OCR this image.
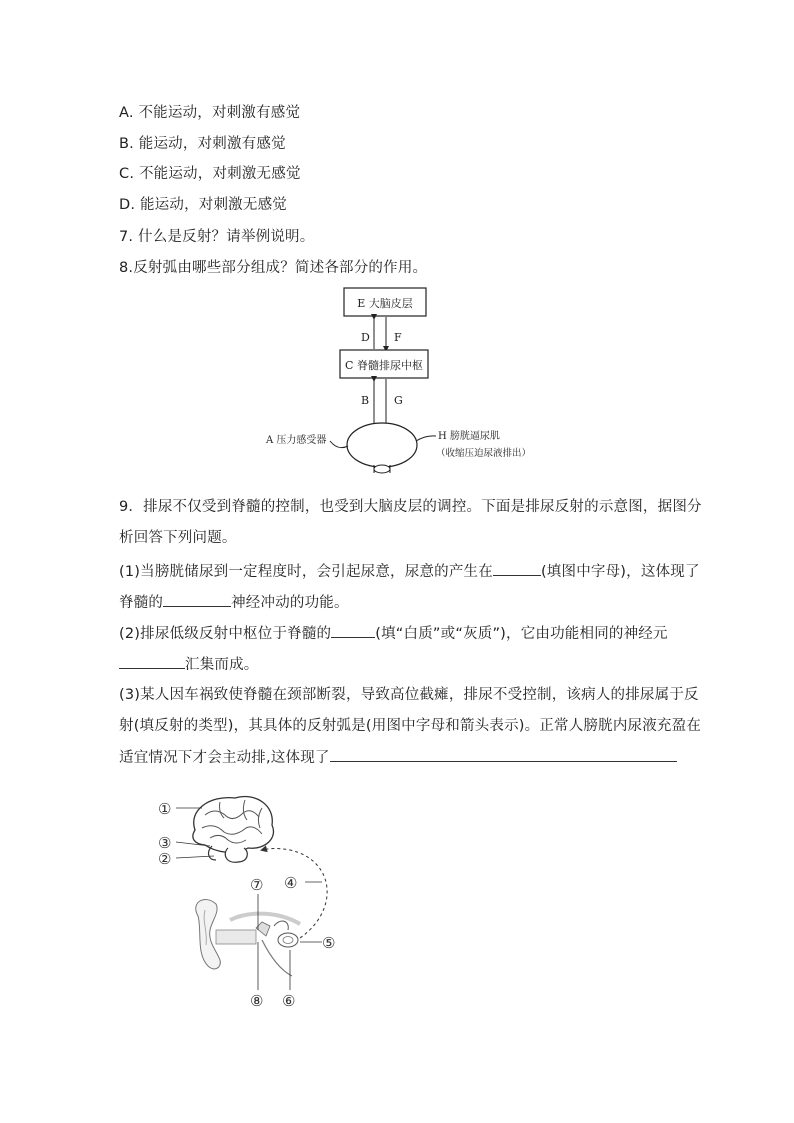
A. 不能运动，对刺激有感觉
B. 能运动，对刺激有感觉
C. 不能运动，对刺激无感觉
D. 能运动，对刺激无感觉
7. 什么是反射？请举例说明。
8.反射弧由哪些部分组成？简述各部分的作用。
E 大脑皮层
D F
C 脊髓排尿中枢
B G
A 压力感受器	H 膀胱逼尿肌
（收缩压迫尿液排出）
9．排尿不仅受到脊髓的控制，也受到大脑皮层的调控。下面是排尿反射的示意图，据图分
析回答下列问题。
(1)当膀胱储尿到一定程度时，会引起尿意，尿意的产生在	(填图中字母)，这体现了
脊髓的	神经冲动的功能。
(2)排尿低级反射中枢位于脊髓的	(填“白质”或“灰质”)，它由功能相同的神经元
汇集而成。
(3)某人因车祸致使脊髓在颈部断裂，导致高位截瘫，排尿不受控制，该病人的排尿属于反
射(填反射的类型)，其具体的反射弧是(用图中字母和箭头表示)。正常人膀胱内尿液充盈在
适宜情况下才会主动排,这体现了
①
③
②
④
⑦
⑤
⑧ ⑥
